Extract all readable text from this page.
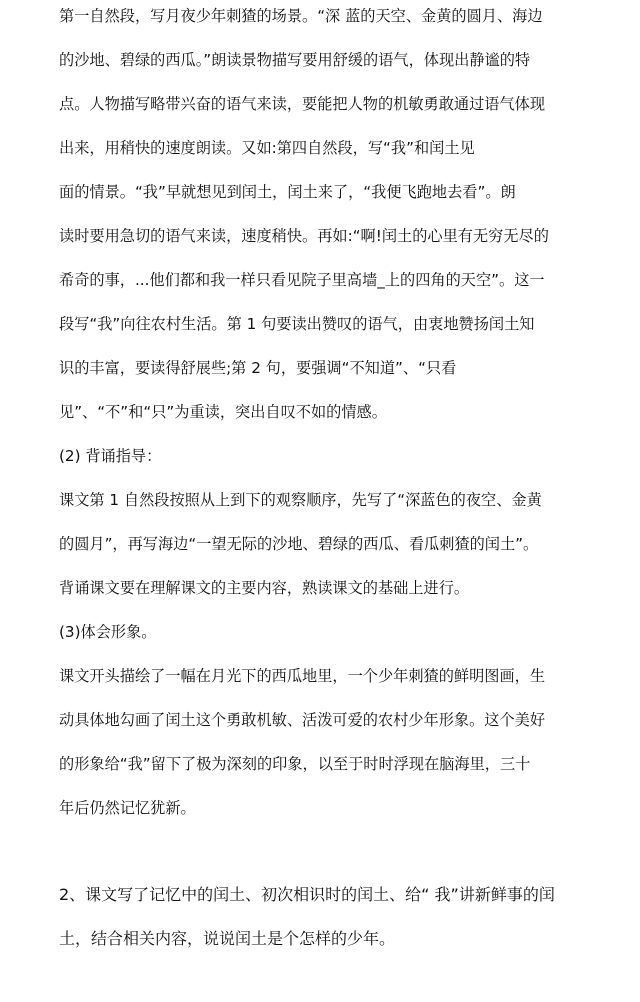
第一自然段，写月夜少年刺猹的场景。“深 蓝的天空、金黄的圆月、海边
的沙地、碧绿的西瓜。”朗读景物描写要用舒缓的语气，体现出静谧的特
点。人物描写略带兴奋的语气来读，要能把人物的机敏勇敢通过语气体现
出来，用稍快的速度朗读。又如:第四自然段，写“我”和闰土见
面的情景。“我”早就想见到闰土，闰土来了，“我便飞跑地去看”。朗
读时要用急切的语气来读，速度稍快。再如:“啊!闰土的心里有无穷无尽的
希奇的事，...他们都和我一样只看见院子里高墙_上的四角的天空”。这一
段写“我”向往农村生活。第 1 句要读出赞叹的语气，由衷地赞扬闰土知
识的丰富，要读得舒展些;第 2 句，要强调“不知道”、“只看
见”、“不”和“只”为重读，突出自叹不如的情感。
(2) 背诵指导：
课文第 1 自然段按照从上到下的观察顺序，先写了“深蓝色的夜空、金黄
的圆月”，再写海边“一望无际的沙地、碧绿的西瓜、看瓜刺猹的闰土”。
背诵课文要在理解课文的主要内容，熟读课文的基础上进行。
(3)体会形象。
课文开头描绘了一幅在月光下的西瓜地里，一个少年刺猹的鲜明图画，生
动具体地勾画了闰土这个勇敢机敏、活泼可爱的农村少年形象。这个美好
的形象给“我”留下了极为深刻的印象，以至于时时浮现在脑海里，三十
年后仍然记忆犹新。
2、课文写了记忆中的闰土、初次相识时的闰土、给“ 我”讲新鲜事的闰
土，结合相关内容，说说闰土是个怎样的少年。
